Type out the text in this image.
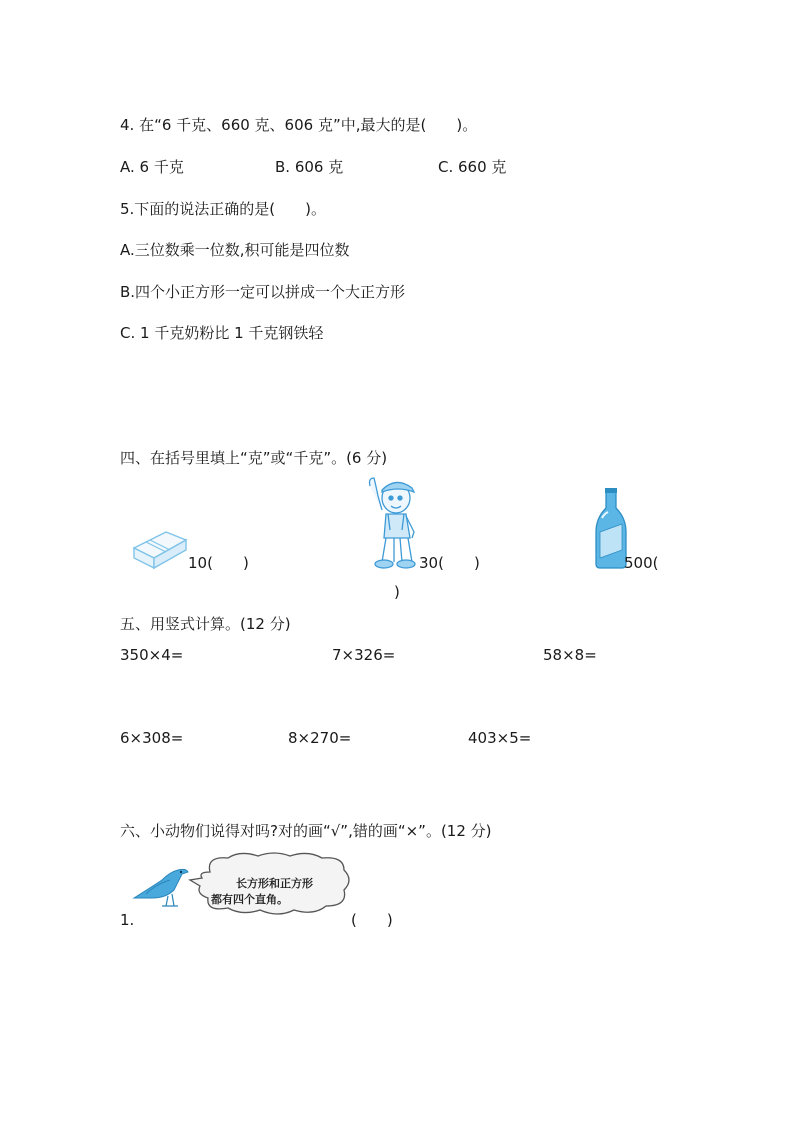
4. 在“6 千克、660 克、606 克”中,最大的是(　　)。
A. 6 千克	B. 606 克	C. 660 克
5.下面的说法正确的是(　　)。
A.三位数乘一位数,积可能是四位数
B.四个小正方形一定可以拼成一个大正方形
C. 1 千克奶粉比 1 千克钢铁轻
四、在括号里填上“克”或“千克”。(6 分)
10(　　)	30(　　)	500(
)
五、用竖式计算。(12 分)
350×4=	7×326=	58×8=
6×308=	8×270=	403×5=
六、小动物们说得对吗?对的画“√”,错的画“×”。(12 分)
长方形和正方形
都有四个直角。
1.	(　　)
